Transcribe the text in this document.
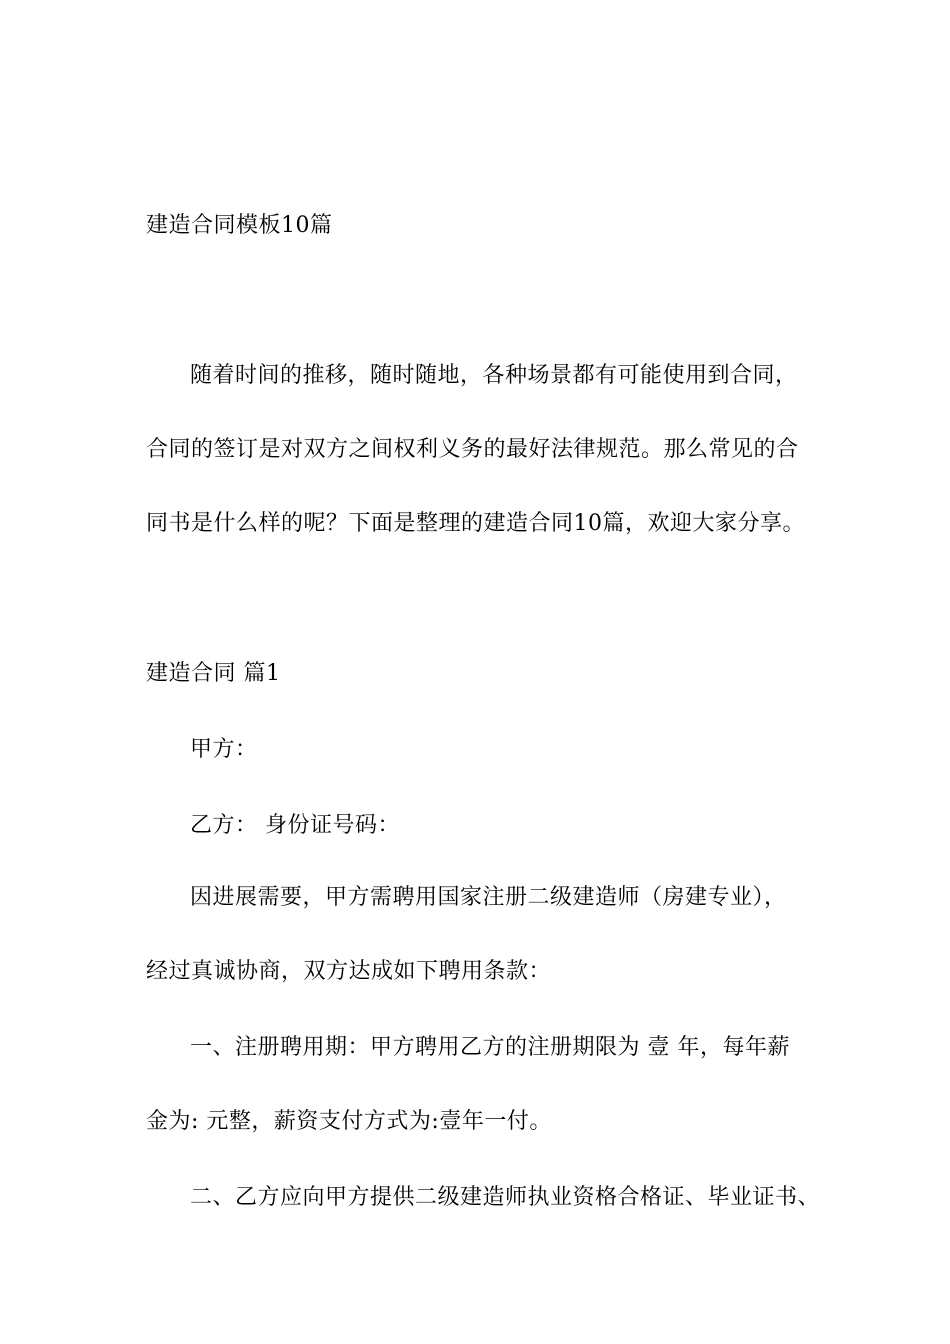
建造合同模板10篇
随着时间的推移，随时随地，各种场景都有可能使用到合同，
合同的签订是对双方之间权利义务的最好法律规范。那么常见的合
同书是什么样的呢？下面是整理的建造合同10篇，欢迎大家分享。
建造合同 篇1
甲方：
乙方： 身份证号码：
因进展需要，甲方需聘用国家注册二级建造师（房建专业），
经过真诚协商，双方达成如下聘用条款：
一、注册聘用期：甲方聘用乙方的注册期限为 壹 年，每年薪
金为: 元整，薪资支付方式为:壹年一付。
二、乙方应向甲方提供二级建造师执业资格合格证、毕业证书、
